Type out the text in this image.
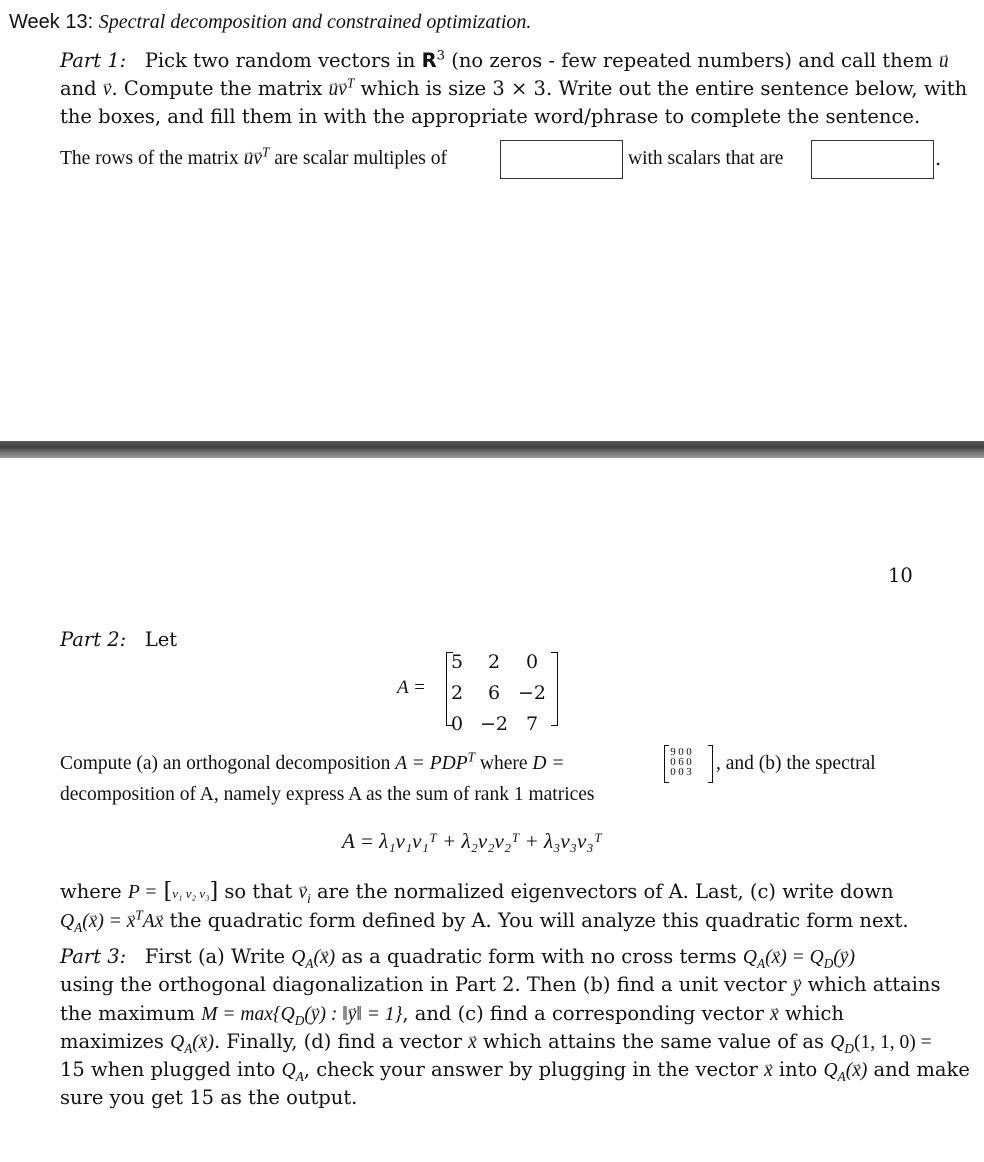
Week 13: Spectral decomposition and constrained optimization.
Part 1: Pick two random vectors in $R^3$ (no zeros - few repeated numbers) and call them → u
and → v. Compute the matrix → $u\to v^T$ which is size 3 × 3. Write out the entire sentence below, with
the boxes, and fill them in with the appropriate word/phrase to complete the sentence.
The rows of the matrix → $u\to v^T$ are scalar multiples of	with scalars that are	.
10
Part 2: Let
A =
5	2	0
2	6 −2
0 −2 7
Compute (a) an orthogonal decomposition $A = PDP^T$ where D =
9 0 0
0 6 0
0 0 3 , and (b) the spectral
decomposition of A, namely express A as the sum of rank 1 matrices
A = λ₁v₁v₁ᵀ + λ₂v₂v₂ᵀ + λ₃v₃v₃ᵀ
where P = [v₁ v₂ v₃] so that → $v_i$ are the normalized eigenvectors of A. Last, (c) write down
$Q_A(\to x)$ = → $x^TA\to x$ the quadratic form defined by A. You will analyze this quadratic form next.
Part 3: First (a) Write $Q_A(\to x)$ as a quadratic form with no cross terms $Q_A(\to x) = Q_D(\to y)$
using the orthogonal diagonalization in Part 2. Then (b) find a unit vector → y which attains
the maximum $M = \max\{Q_D(\to y)$ : ‖→ y‖ = 1}, and (c) find a corresponding vector → x which
maximizes $Q_A(\to x)$. Finally, (d) find a vector → x which attains the same value of as $Q_D(1$, 1, 0) =
15 when plugged into $Q_A$, check your answer by plugging in the vector → x into $Q_A(\to x)$ and make
sure you get 15 as the output.
